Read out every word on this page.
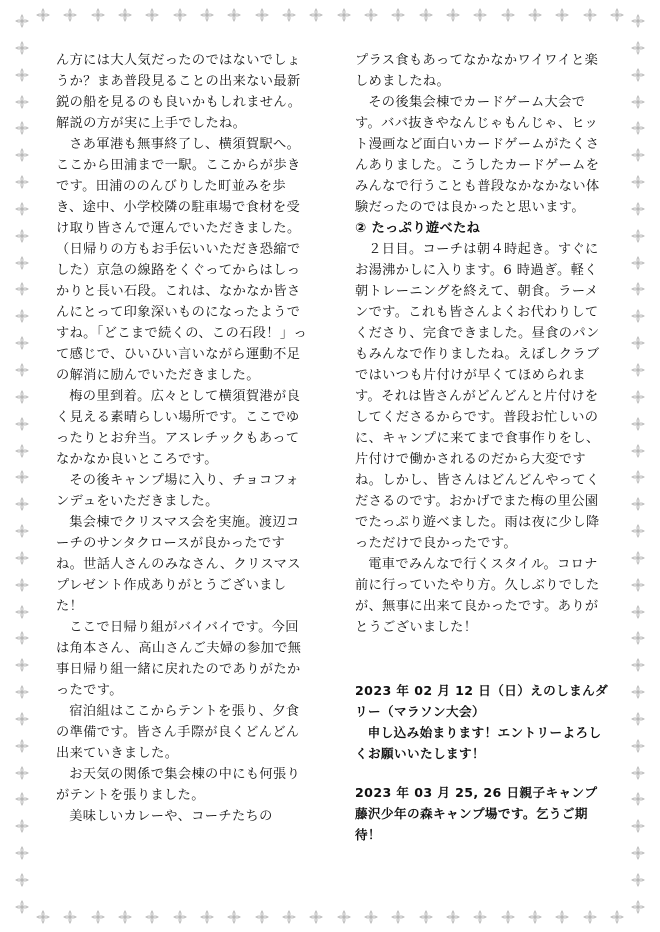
ん方には大人気だったのではないでしょうか？まあ普段見ることの出来ない最新鋭の船を見るのも良いかもしれません。解説の方が実に上手でしたね。

さあ軍港も無事終了し、横須賀駅へ。ここから田浦まで一駅。ここからが歩きです。田浦ののんびりした町並みを歩き、途中、小学校隣の駐車場で食材を受け取り皆さんで運んでいただきました。（日帰りの方もお手伝いいただき恐縮でした）京急の線路をくぐってからはしっかりと長い石段。これは、なかなか皆さんにとって印象深いものになったようですね。「どこまで続くの、この石段！」って感じで、ひいひい言いながら運動不足の解消に励んでいただきました。

梅の里到着。広々として横須賀港が良く見える素晴らしい場所です。ここでゆったりとお弁当。アスレチックもあってなかなか良いところです。

その後キャンプ場に入り、チョコフォンデュをいただきました。

集会棟でクリスマス会を実施。渡辺コーチのサンタクロースが良かったですね。世話人さんのみなさん、クリスマスプレゼント作成ありがとうございました！

ここで日帰り組がバイバイです。今回は角本さん、高山さんご夫婦の参加で無事日帰り組一緒に戻れたのでありがたかったです。

宿泊組はここからテントを張り、夕食の準備です。皆さん手際が良くどんどん出来ていきました。

お天気の関係で集会棟の中にも何張りがテントを張りました。

美味しいカレーや、コーチたちの

プラス食もあってなかなかワイワイと楽しめましたね。

その後集会棟でカードゲーム大会です。ババ抜きやなんじゃもんじゃ、ヒット漫画など面白いカードゲームがたくさんありました。こうしたカードゲームをみんなで行うことも普段なかなかない体験だったのでは良かったと思います。

② たっぷり遊べたね

２日目。コーチは朝４時起き。すぐにお湯沸かしに入ります。6 時過ぎ。軽く朝トレーニングを終えて、朝食。ラーメンです。これも皆さんよくお代わりしてくださり、完食できました。昼食のパンもみんなで作りましたね。えぼしクラブではいつも片付けが早くてほめられます。それは皆さんがどんどんと片付けをしてくださるからです。普段お忙しいのに、キャンプに来てまで食事作りをし、片付けで働かされるのだから大変ですね。しかし、皆さんはどんどんやってくださるのです。おかげでまた梅の里公園でたっぷり遊べました。雨は夜に少し降っただけで良かったです。

電車でみんなで行くスタイル。コロナ前に行っていたやり方。久しぶりでしたが、無事に出来て良かったです。ありがとうございました！

2023 年 02 月 12 日（日）えのしまんダリー（マラソン大会）

申し込み始まります！エントリーよろしくお願いいたします！

2023 年 03 月 25, 26 日親子キャンプ

藤沢少年の森キャンプ場です。乞うご期待！
